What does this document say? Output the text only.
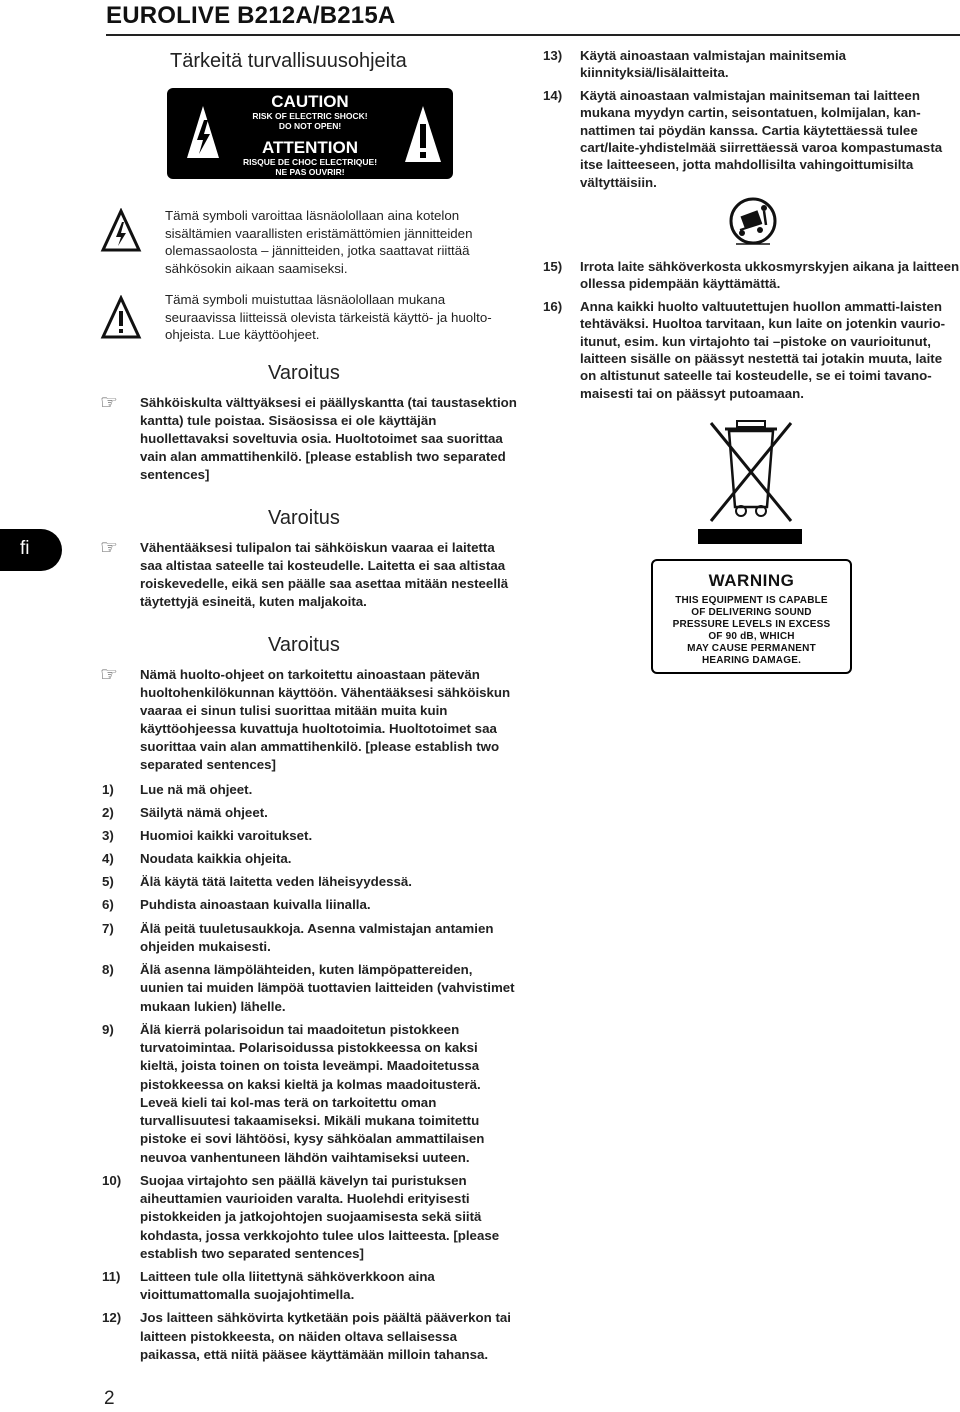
EUROLIVE B212A/B215A
Tärkeitä turvallisuusohjeita
CAUTION
RISK OF ELECTRIC SHOCK!
DO NOT OPEN!
ATTENTION
RISQUE DE CHOC ELECTRIQUE!
NE PAS OUVRIR!
Tämä symboli varoittaa läsnäolollaan aina kotelon sisältämien vaarallisten eristämättömien jännitteiden olemassaolosta – jännitteiden, jotka saattavat riittää sähkösokin aikaan saamiseksi.
Tämä symboli muistuttaa läsnäolollaan mukana seuraavissa liitteissä olevista tärkeistä käyttö- ja huolto-ohjeista. Lue käyttöohjeet.
Varoitus
☞ Sähköiskulta välttyäksesi ei päällyskantta (tai taustasektion kantta) tule poistaa. Sisäosissa ei ole käyttäjän huollettavaksi soveltuvia osia. Huoltotoimet saa suorittaa vain alan ammattihenkilö. [please establish two separated sentences]
Varoitus
☞ Vähentääksesi tulipalon tai sähköiskun vaaraa ei laitetta saa altistaa sateelle tai kosteudelle. Laitetta ei saa altistaa roiskevedelle, eikä sen päälle saa asettaa mitään nesteellä täytettyjä esineitä, kuten maljakoita.
Varoitus
☞ Nämä huolto-ohjeet on tarkoitettu ainoastaan pätevän huoltohenkilökunnan käyttöön. Vähentääksesi sähköiskun vaaraa ei sinun tulisi suorittaa mitään muita kuin käyttöohjeessa kuvattuja huoltotoimia. Huoltotoimet saa suorittaa vain alan ammattihenkilö. [please establish two separated sentences]
1)	Lue nä mä ohjeet.
2)	Säilytä nämä ohjeet.
3)	Huomioi kaikki varoitukset.
4)	Noudata kaikkia ohjeita.
5)	Älä käytä tätä laitetta veden läheisyydessä.
6)	Puhdista ainoastaan kuivalla liinalla.
7)	Älä peitä tuuletusaukkoja. Asenna valmistajan antamien ohjeiden mukaisesti.
8)	Älä asenna lämpölähteiden, kuten lämpöpattereiden, uunien tai muiden lämpöä tuottavien laitteiden (vahvistimet mukaan lukien) lähelle.
9)	Älä kierrä polarisoidun tai maadoitetun pistokkeen turvatoimintaa. Polarisoidussa pistokkeessa on kaksi kieltä, joista toinen on toista leveämpi. Maadoitetussa pistokkeessa on kaksi kieltä ja kolmas maadoitusterä. Leveä kieli tai kol-mas terä on tarkoitettu oman turvallisuutesi takaamiseksi. Mikäli mukana toimitettu pistoke ei sovi lähtöösi, kysy sähköalan ammattilaisen neuvoa vanhentuneen lähdön vaihtamiseksi uuteen.
10)	Suojaa virtajohto sen päällä kävelyn tai puristuksen aiheuttamien vaurioiden varalta. Huolehdi erityisesti pistokkeiden ja jatkojohtojen suojaamisesta sekä siitä kohdasta, jossa verkkojohto tulee ulos laitteesta. [please establish two separated sentences]
11)	Laitteen tule olla liitettynä sähköverkkoon aina vioittumattomalla suojajohtimella.
12)	Jos laitteen sähkövirta kytketään pois päältä pääverkon tai laitteen pistokkeesta, on näiden oltava sellaisessa paikassa, että niitä pääsee käyttämään milloin tahansa.
13)	Käytä ainoastaan valmistajan mainitsemia kiinnityksiä/lisälaitteita.
14)	Käytä ainoastaan valmistajan mainitseman tai laitteen mukana myydyn cartin, seisontatuen, kolmijalan, kan-nattimen tai pöydän kanssa. Cartia käytettäessä tulee cart/laite-yhdistelmää siirrettäessä varoa kompastumasta itse laitteeseen, jotta mahdollisilta vahingoittumisilta vältyttäisiin.
15)	Irrota laite sähköverkosta ukkosmyrskyjen aikana ja laitteen ollessa pidempään käyttämättä.
16)	Anna kaikki huolto valtuutettujen huollon ammatti-laisten tehtäväksi. Huoltoa tarvitaan, kun laite on jotenkin vaurio-itunut, esim. kun virtajohto tai –pistoke on vaurioitunut, laitteen sisälle on päässyt nestettä tai jotakin muuta, laite on altistunut sateelle tai kosteudelle, se ei toimi tavano-maisesti tai on päässyt putoamaan.
fi
WARNING
THIS EQUIPMENT IS CAPABLE
OF DELIVERING SOUND
PRESSURE LEVELS IN EXCESS
OF 90 dB, WHICH
MAY CAUSE PERMANENT
HEARING DAMAGE.
2
